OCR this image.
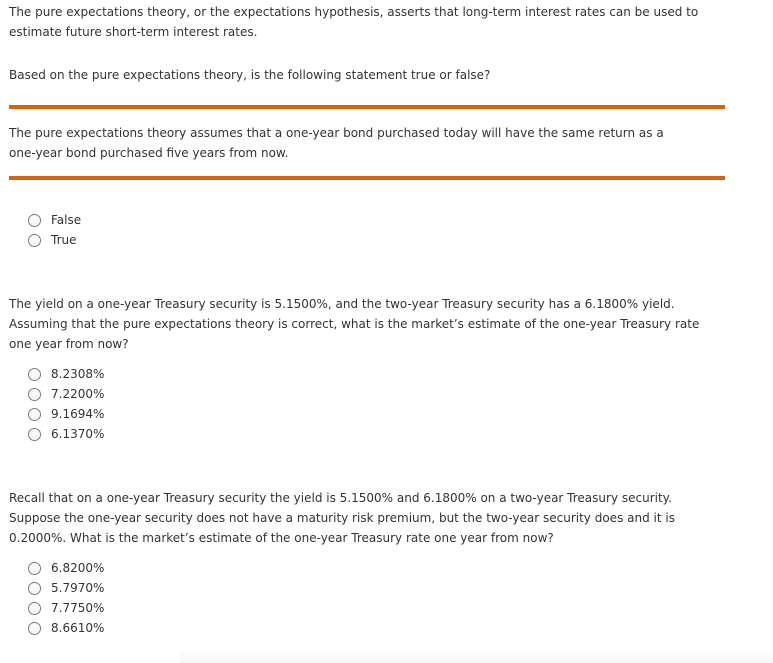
The pure expectations theory, or the expectations hypothesis, asserts that long-term interest rates can be used to

estimate future short-term interest rates.

Based on the pure expectations theory, is the following statement true or false?

The pure expectations theory assumes that a one-year bond purchased today will have the same return as a

one-year bond purchased five years from now.

False
True

The yield on a one-year Treasury security is 5.1500%, and the two-year Treasury security has a 6.1800% yield.

Assuming that the pure expectations theory is correct, what is the market’s estimate of the one-year Treasury rate

one year from now?

8.2308%
7.2200%
9.1694%
6.1370%

Recall that on a one-year Treasury security the yield is 5.1500% and 6.1800% on a two-year Treasury security.

Suppose the one-year security does not have a maturity risk premium, but the two-year security does and it is

0.2000%. What is the market’s estimate of the one-year Treasury rate one year from now?

6.8200%
5.7970%
7.7750%
8.6610%
